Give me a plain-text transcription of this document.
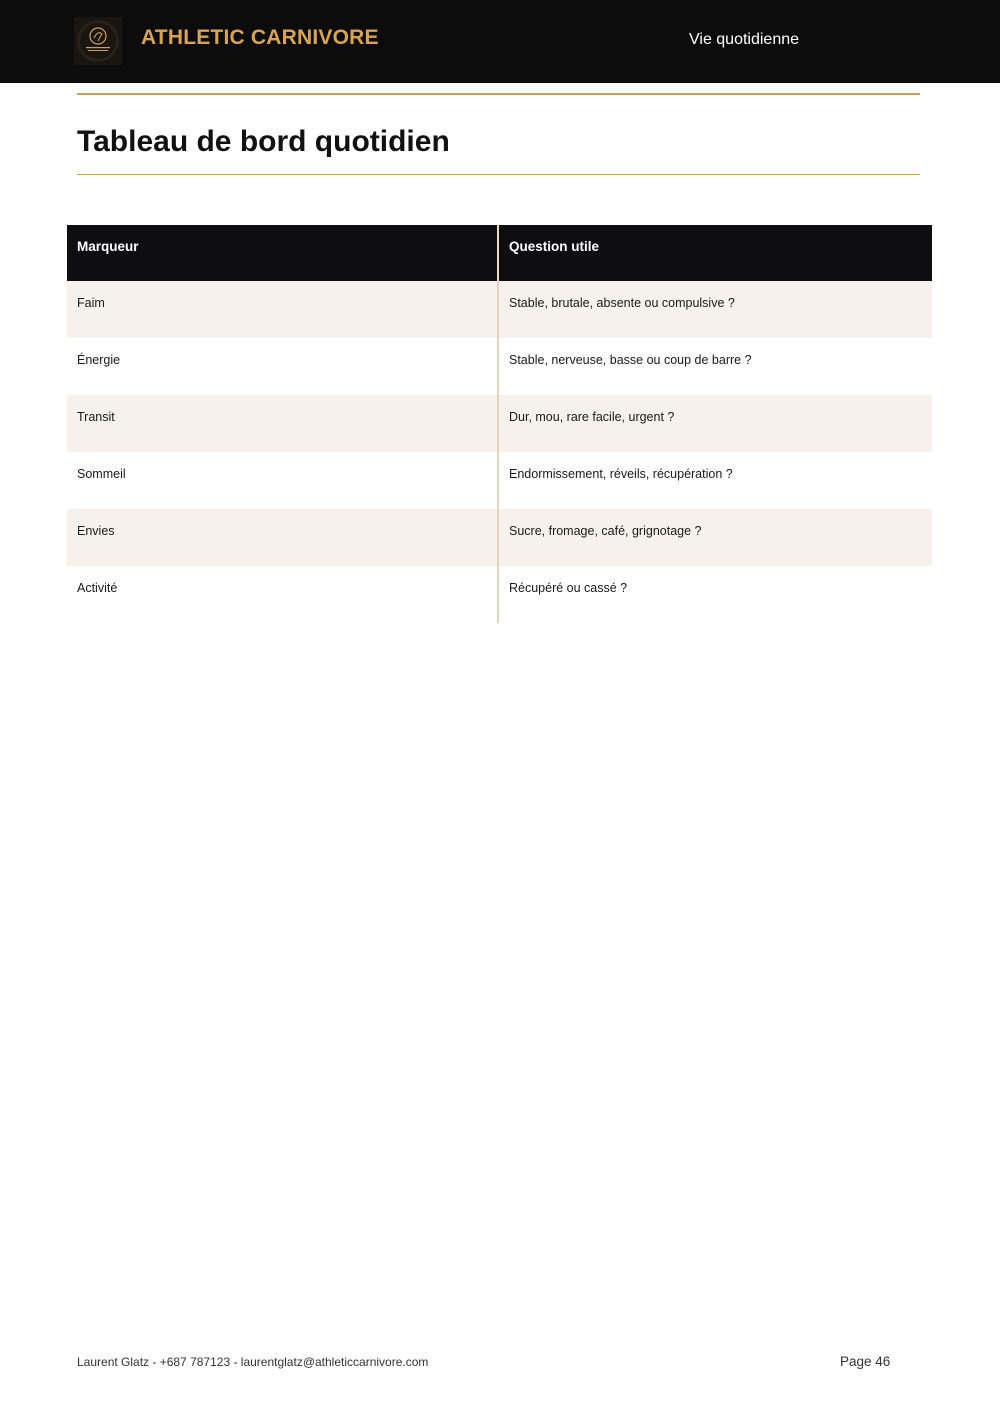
ATHLETIC CARNIVORE	Vie quotidienne
Tableau de bord quotidien
Marqueur	Question utile
Faim	Stable, brutale, absente ou compulsive ?
Énergie	Stable, nerveuse, basse ou coup de barre ?
Transit	Dur, mou, rare facile, urgent ?
Sommeil	Endormissement, réveils, récupération ?
Envies	Sucre, fromage, café, grignotage ?
Activité	Récupéré ou cassé ?
Laurent Glatz - +687 787123 - laurentglatz@athleticcarnivore.com	Page 46
